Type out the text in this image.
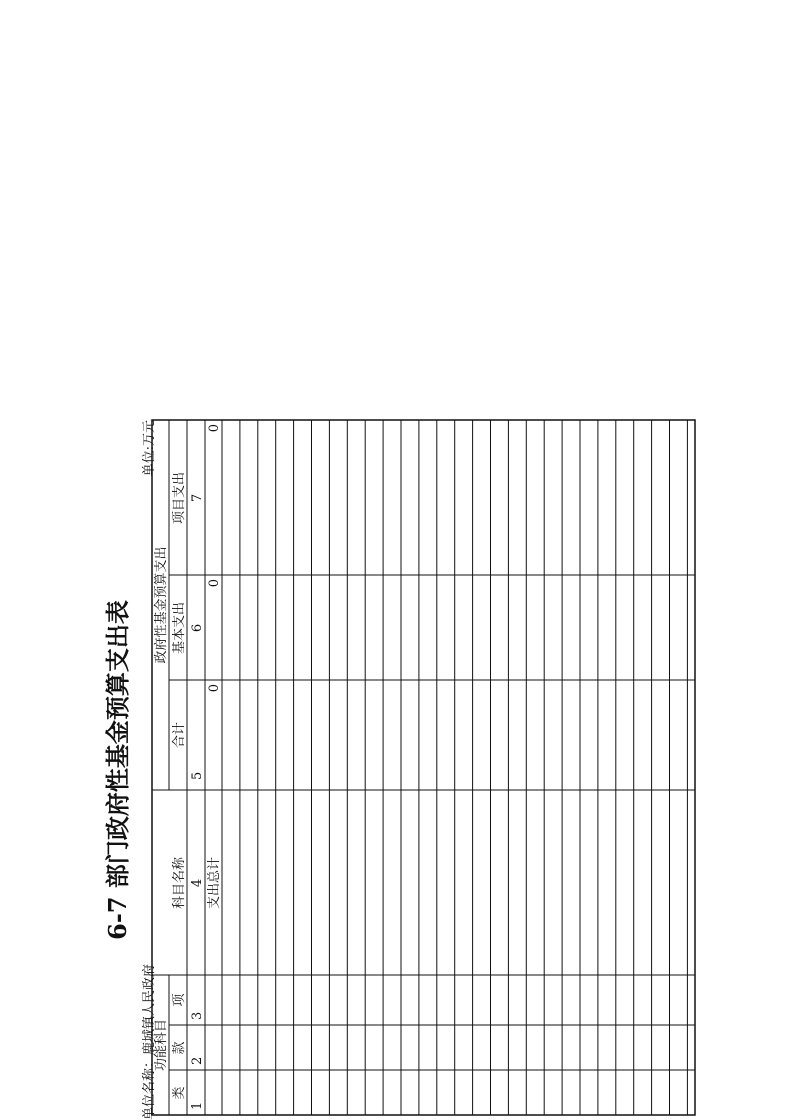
6-7 部门政府性基金预算支出表
单位名称：鹿城镇人民政府
单位:万元
功能科目
政府性基金预算支出
类
款
项
科目名称
合计
基本支出
项目支出
1
2
3
4
5
6
7
支出总计
0
0
0
